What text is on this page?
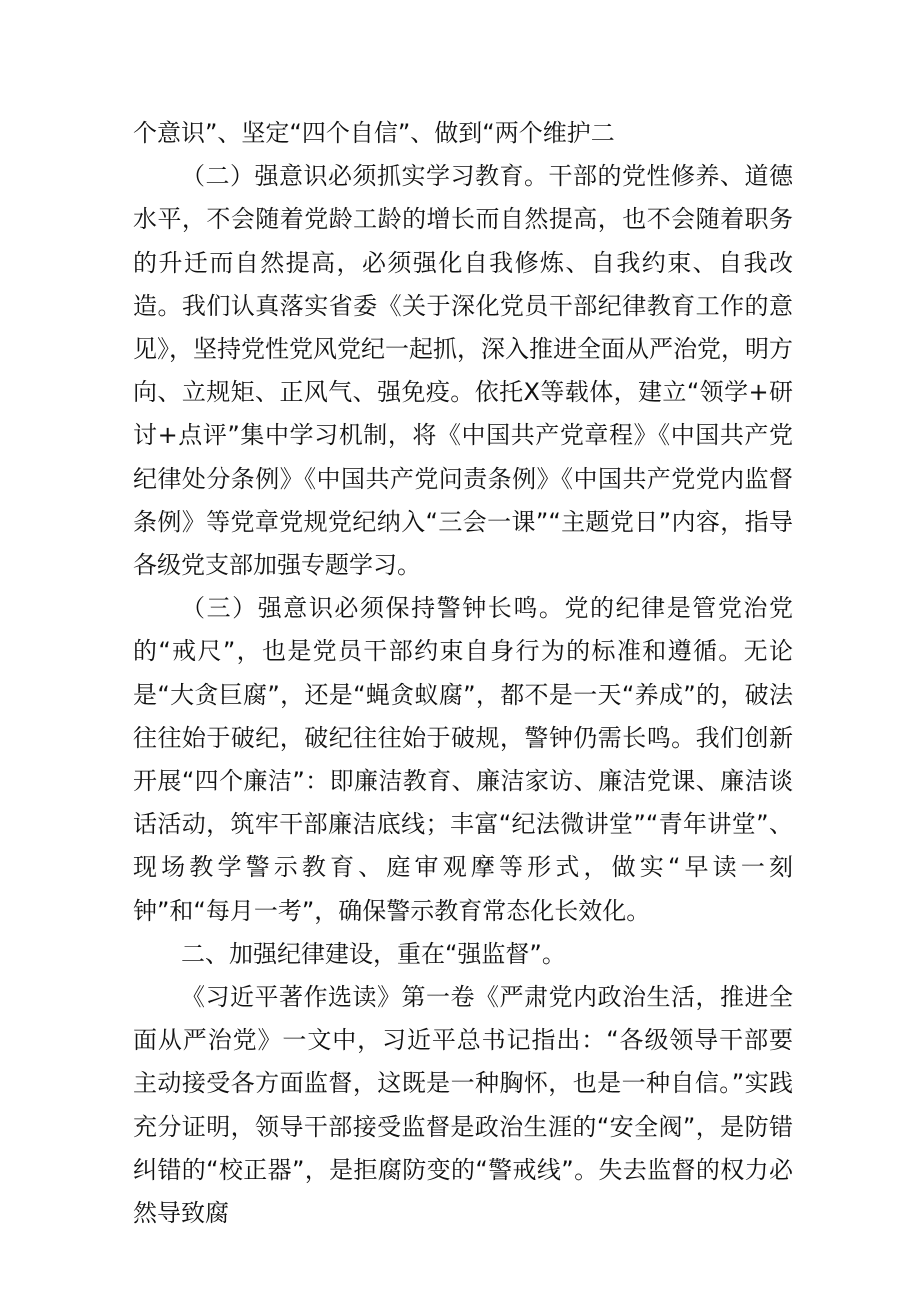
个意识”、坚定“四个自信”、做到“两个维护二

（二）强意识必须抓实学习教育。干部的党性修养、道德水平，不会随着党龄工龄的增长而自然提高，也不会随着职务的升迁而自然提高，必须强化自我修炼、自我约束、自我改造。我们认真落实省委《关于深化党员干部纪律教育工作的意见》，坚持党性党风党纪一起抓，深入推进全面从严治党，明方向、立规矩、正风气、强免疫。依托X等载体，建立“领学+研讨+点评”集中学习机制，将《中国共产党章程》《中国共产党纪律处分条例》《中国共产党问责条例》《中国共产党党内监督条例》等党章党规党纪纳入“三会一课”“主题党日”内容，指导各级党支部加强专题学习。

（三）强意识必须保持警钟长鸣。党的纪律是管党治党的“戒尺”，也是党员干部约束自身行为的标准和遵循。无论是“大贪巨腐”，还是“蝇贪蚁腐”，都不是一天“养成”的，破法往往始于破纪，破纪往往始于破规，警钟仍需长鸣。我们创新开展“四个廉洁”：即廉洁教育、廉洁家访、廉洁党课、廉洁谈话活动，筑牢干部廉洁底线；丰富“纪法微讲堂”“青年讲堂”、现场教学警示教育、庭审观摩等形式，做实“早读一刻钟”和“每月一考”，确保警示教育常态化长效化。

二、加强纪律建设，重在“强监督”。

《习近平著作选读》第一卷《严肃党内政治生活，推进全面从严治党》一文中，习近平总书记指出：“各级领导干部要主动接受各方面监督，这既是一种胸怀，也是一种自信。”实践充分证明，领导干部接受监督是政治生涯的“安全阀”，是防错纠错的“校正器”，是拒腐防变的“警戒线”。失去监督的权力必然导致腐
